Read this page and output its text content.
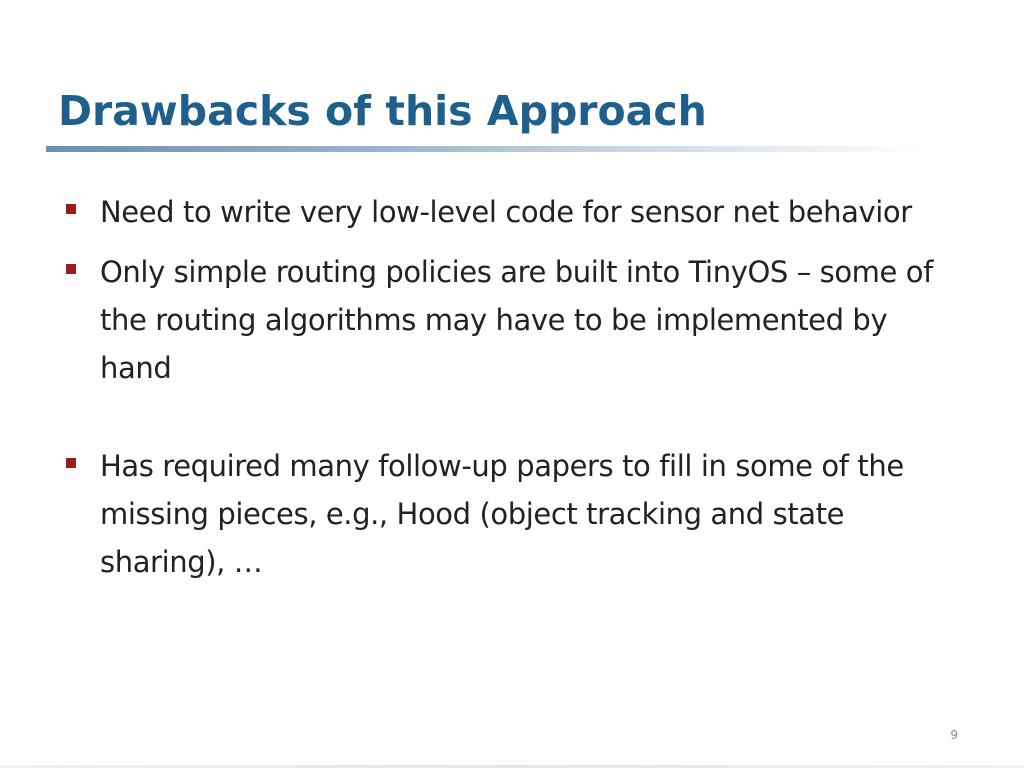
Drawbacks of this Approach
Need to write very low-level code for sensor net behavior
Only simple routing policies are built into TinyOS – some of the routing algorithms may have to be implemented by hand
Has required many follow-up papers to fill in some of the missing pieces, e.g., Hood (object tracking and state sharing), …
9
